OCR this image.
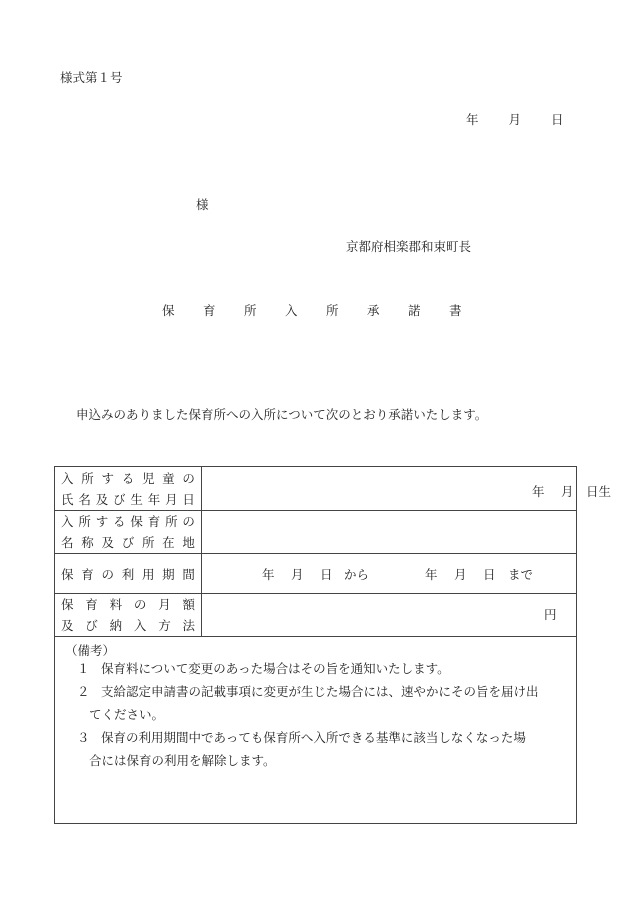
様式第１号
年 月 日
様
京都府相楽郡和束町長
保 育 所 入 所 承 諾 書
申込みのありました保育所への入所について次のとおり承諾いたします。
入 所 す る 児 童 の
氏 名 及 び 生 年 月 日
年 月 日生
入 所 す る 保 育 所 の
名 称 及 び 所 在 地
保 育 の 利 用 期 間	年 月 日 から	年 月 日 まで
保 育 料 の 月 額
及 び 納 入 方 法
円
（備考）
１ 保育料について変更のあった場合はその旨を通知いたします。
２ 支給認定申請書の記載事項に変更が生じた場合には、速やかにその旨を届け出
てください。
３ 保育の利用期間中であっても保育所へ入所できる基準に該当しなくなった場
合には保育の利用を解除します。
